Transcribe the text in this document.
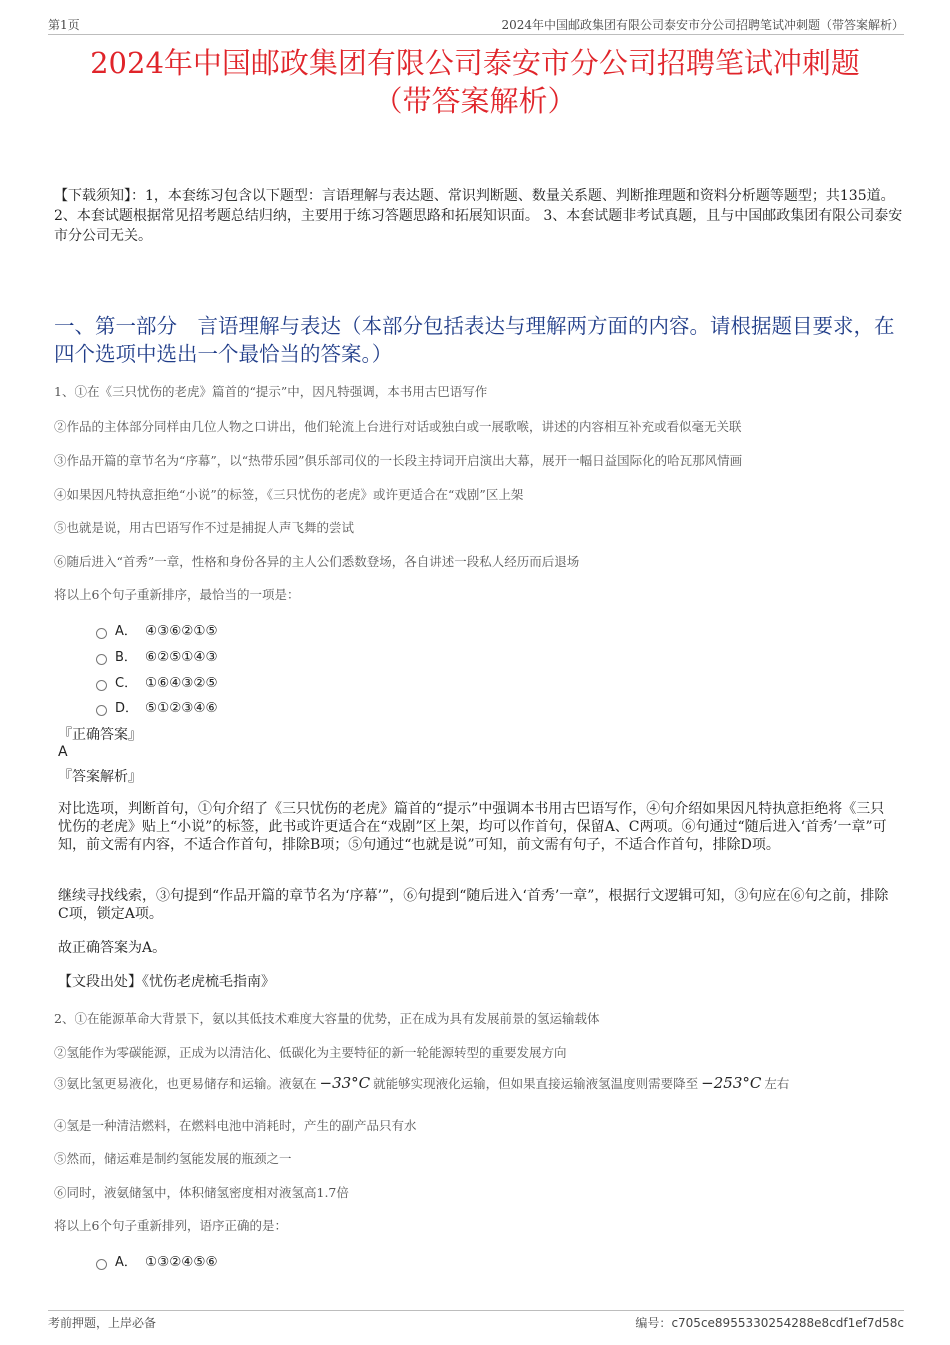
第1页	2024年中国邮政集团有限公司泰安市分公司招聘笔试冲刺题（带答案解析）
2024年中国邮政集团有限公司泰安市分公司招聘笔试冲刺题
（带答案解析）
【下载须知】：1，本套练习包含以下题型：言语理解与表达题、常识判断题、数量关系题、判断推理题和资料分析题等题型；共135道。 2、本套试题根据常见招考题总结归纳，主要用于练习答题思路和拓展知识面。 3、本套试题非考试真题，且与中国邮政集团有限公司泰安市分公司无关。
一、第一部分　言语理解与表达（本部分包括表达与理解两方面的内容。请根据题目要求，在四个选项中选出一个最恰当的答案。）
1、①在《三只忧伤的老虎》篇首的“提示”中，因凡特强调，本书用古巴语写作
②作品的主体部分同样由几位人物之口讲出，他们轮流上台进行对话或独白或一展歌喉，讲述的内容相互补充或看似毫无关联
③作品开篇的章节名为“序幕”，以“热带乐园”俱乐部司仪的一长段主持词开启演出大幕，展开一幅日益国际化的哈瓦那风情画
④如果因凡特执意拒绝“小说”的标签，《三只忧伤的老虎》或许更适合在“戏剧”区上架
⑤也就是说，用古巴语写作不过是捕捉人声飞舞的尝试
⑥随后进入“首秀”一章，性格和身份各异的主人公们悉数登场，各自讲述一段私人经历而后退场
将以上6个句子重新排序，最恰当的一项是：
A． ④③⑥②①⑤
B． ⑥②⑤①④③
C． ①⑥④③②⑤
D． ⑤①②③④⑥
『正确答案』
A
『答案解析』
对比选项，判断首句，①句介绍了《三只忧伤的老虎》篇首的“提示”中强调本书用古巴语写作，④句介绍如果因凡特执意拒绝将《三只忧伤的老虎》贴上“小说”的标签，此书或许更适合在“戏剧”区上架，均可以作首句，保留A、C两项。⑥句通过“随后进入‘首秀’一章”可知，前文需有内容，不适合作首句，排除B项；⑤句通过“也就是说”可知，前文需有句子，不适合作首句，排除D项。
继续寻找线索，③句提到“作品开篇的章节名为‘序幕’”，⑥句提到“随后进入‘首秀’一章”，根据行文逻辑可知，③句应在⑥句之前，排除C项，锁定A项。
故正确答案为A。
【文段出处】《忧伤老虎梳毛指南》
2、①在能源革命大背景下，氨以其低技术难度大容量的优势，正在成为具有发展前景的氢运输载体
②氢能作为零碳能源，正成为以清洁化、低碳化为主要特征的新一轮能源转型的重要发展方向
③氨比氢更易液化，也更易储存和运输。液氨在 −33°C 就能够实现液化运输，但如果直接运输液氢温度则需要降至 −253°C 左右
④氢是一种清洁燃料，在燃料电池中消耗时，产生的副产品只有水
⑤然而，储运难是制约氢能发展的瓶颈之一
⑥同时，液氨储氢中，体积储氢密度相对液氢高1.7倍
将以上6个句子重新排列，语序正确的是：
A． ①③②④⑤⑥
考前押题，上岸必备	编号：c705ce8955330254288e8cdf1ef7d58c
